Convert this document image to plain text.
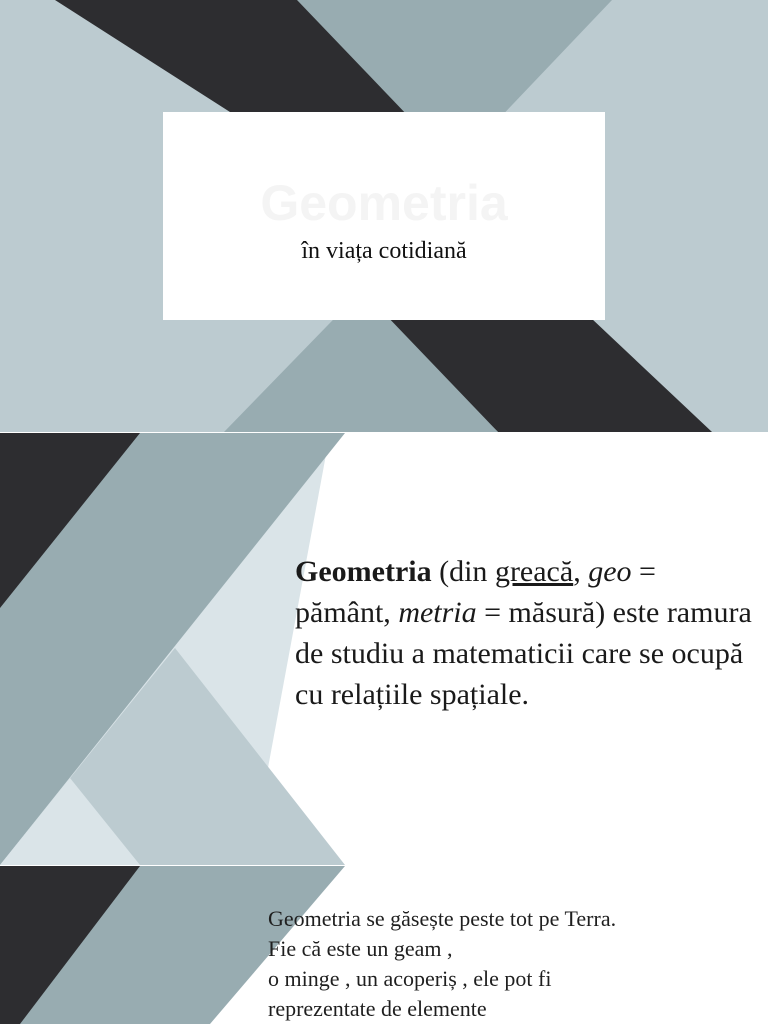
Geometria

în viața cotidiană

Geometria (din greacă, geo = pământ, metria = măsură) este ramura de studiu a matematicii care se ocupă cu relațiile spațiale.

Geometria se găsește peste tot pe Terra.
Fie că este un geam ,
o minge , un acoperiș , ele pot fi
reprezentate de elemente
